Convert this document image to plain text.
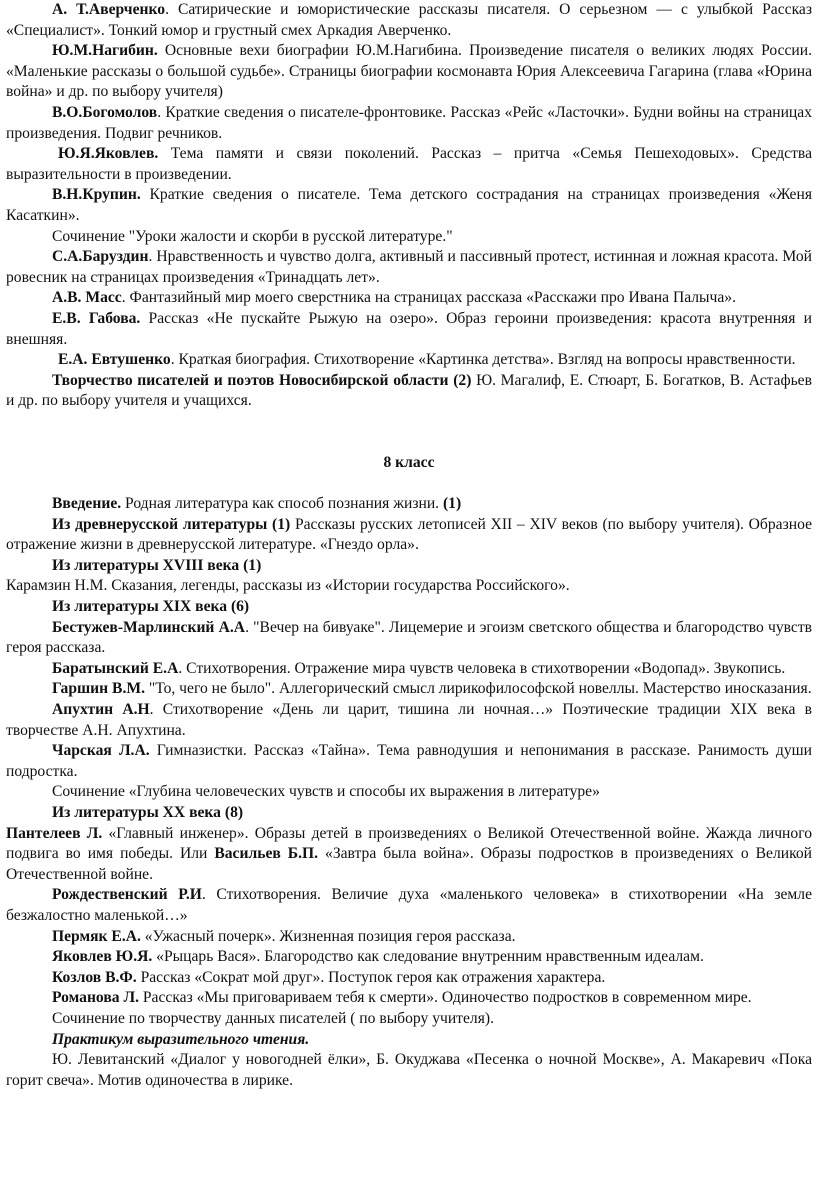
А. Т.Аверченко. Сатирические и юмористические рассказы писателя. О серьезном — с улыбкой Рассказ «Специалист». Тонкий юмор и грустный смех Аркадия Аверченко.

Ю.М.Нагибин. Основные вехи биографии Ю.М.Нагибина. Произведение писателя о великих людях России. «Маленькие рассказы о большой судьбе». Страницы биографии космонавта Юрия Алексеевича Гагарина (глава «Юрина война» и др. по выбору учителя)

В.О.Богомолов. Краткие сведения о писателе-фронтовике. Рассказ «Рейс «Ласточки». Будни войны на страницах произведения. Подвиг речников.

Ю.Я.Яковлев. Тема памяти и связи поколений. Рассказ – притча «Семья Пешеходовых». Средства выразительности в произведении.

В.Н.Крупин. Краткие сведения о писателе. Тема детского сострадания на страницах произведения «Женя Касаткин».

Сочинение "Уроки жалости и скорби в русской литературе."

С.А.Баруздин. Нравственность и чувство долга, активный и пассивный протест, истинная и ложная красота. Мой ровесник на страницах произведения «Тринадцать лет».

А.В. Масс. Фантазийный мир моего сверстника на страницах рассказа «Расскажи про Ивана Палыча».

Е.В. Габова. Рассказ «Не пускайте Рыжую на озеро». Образ героини произведения: красота внутренняя и внешняя.

Е.А. Евтушенко. Краткая биография. Стихотворение «Картинка детства». Взгляд на вопросы нравственности.

Творчество писателей и поэтов Новосибирской области (2) Ю. Магалиф, Е. Стюарт, Б. Богатков, В. Астафьев и др. по выбору учителя и учащихся.

8 класс

Введение. Родная литература как способ познания жизни. (1)

Из древнерусской литературы (1) Рассказы русских летописей XII – XIV веков (по выбору учителя). Образное отражение жизни в древнерусской литературе. «Гнездо орла».

Из литературы XVIII века (1)

Карамзин Н.М. Сказания, легенды, рассказы из «Истории государства Российского».

Из литературы XIX века (6)

Бестужев-Марлинский А.А. "Вечер на бивуаке". Лицемерие и эгоизм светского общества и благородство чувств героя рассказа.

Баратынский Е.А. Стихотворения. Отражение мира чувств человека в стихотворении «Водопад». Звукопись.

Гаршин В.М. "То, чего не было". Аллегорический смысл лирикофилософской новеллы. Мастерство иносказания.

Апухтин А.Н. Стихотворение «День ли царит, тишина ли ночная…» Поэтические традиции XIX века в творчестве А.Н. Апухтина.

Чарская Л.А. Гимназистки. Рассказ «Тайна». Тема равнодушия и непонимания в рассказе. Ранимость души подростка.

Сочинение «Глубина человеческих чувств и способы их выражения в литературе»

Из литературы XX века (8)

Пантелеев Л. «Главный инженер». Образы детей в произведениях о Великой Отечественной войне. Жажда личного подвига во имя победы. Или Васильев Б.П. «Завтра была война». Образы подростков в произведениях о Великой Отечественной войне.

Рождественский Р.И. Стихотворения. Величие духа «маленького человека» в стихотворении «На земле безжалостно маленькой…»

Пермяк Е.А. «Ужасный почерк». Жизненная позиция героя рассказа.

Яковлев Ю.Я. «Рыцарь Вася». Благородство как следование внутренним нравственным идеалам.

Козлов В.Ф. Рассказ «Сократ мой друг». Поступок героя как отражения характера.

Романова Л. Рассказ «Мы приговариваем тебя к смерти». Одиночество подростков в современном мире.

Сочинение по творчеству данных писателей ( по выбору учителя).

Практикум выразительного чтения.

Ю. Левитанский «Диалог у новогодней ёлки», Б. Окуджава «Песенка о ночной Москве», А. Макаревич «Пока горит свеча». Мотив одиночества в лирике.
